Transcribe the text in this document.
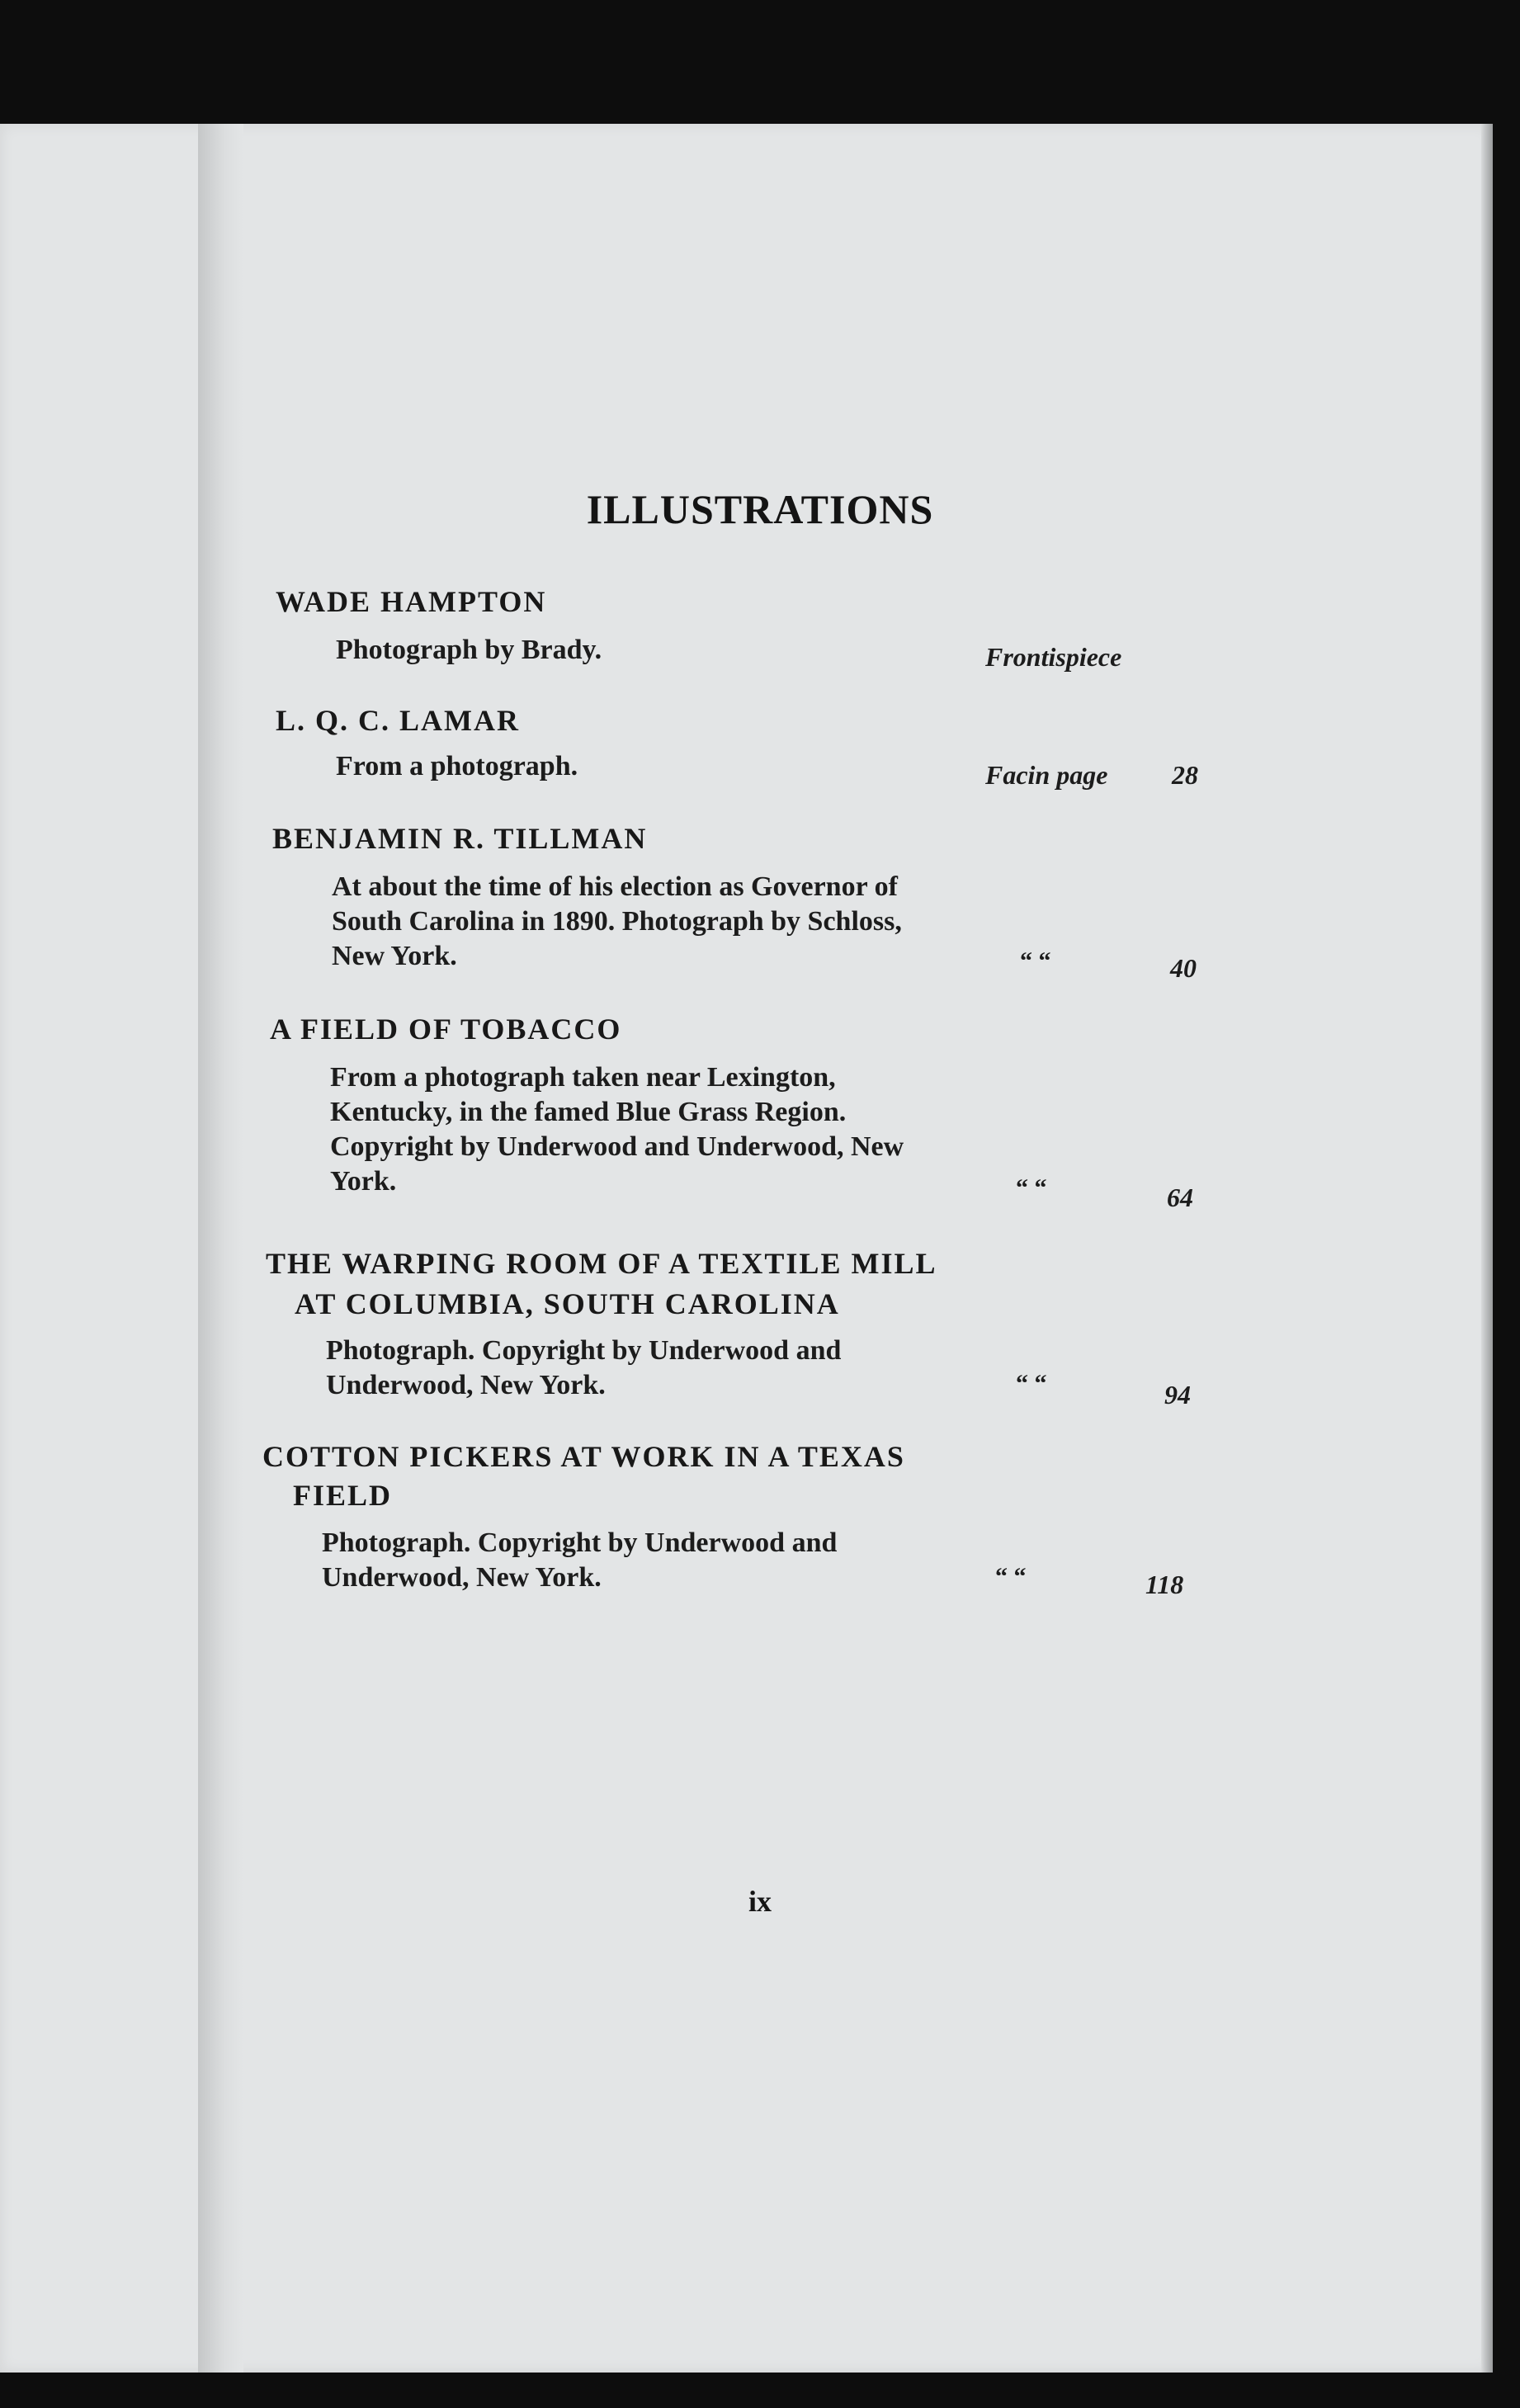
ILLUSTRATIONS
WADE HAMPTON
Photograph by Brady.	Frontispiece
L. Q. C. LAMAR
From a photograph.	Facin page 28
BENJAMIN R. TILLMAN
At about the time of his election as Governor of
South Carolina in 1890. Photograph by Schloss,
New York.	“ “	40
A FIELD OF TOBACCO
From a photograph taken near Lexington,
Kentucky, in the famed Blue Grass Region.
Copyright by Underwood and Underwood, New
York.	“ “	64
THE WARPING ROOM OF A TEXTILE MILL
AT COLUMBIA, SOUTH CAROLINA
Photograph. Copyright by Underwood and
Underwood, New York.	“ “	94
COTTON PICKERS AT WORK IN A TEXAS
FIELD
Photograph. Copyright by Underwood and
Underwood, New York.	“ “	118
ix
